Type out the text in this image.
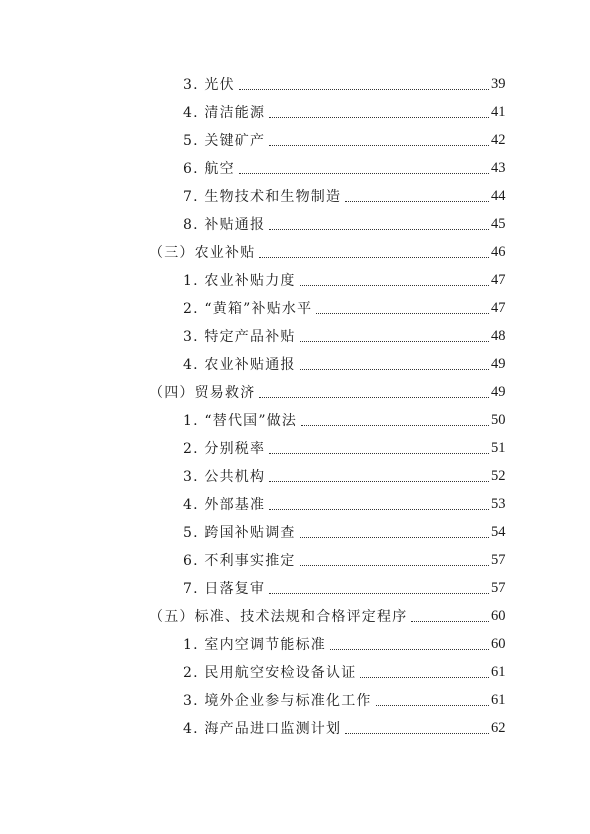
3. 光伏	39
4. 清洁能源	41
5. 关键矿产	42
6. 航空	43
7. 生物技术和生物制造	44
8. 补贴通报	45
（三）农业补贴	46
1. 农业补贴力度	47
2. “黄箱”补贴水平	47
3. 特定产品补贴	48
4. 农业补贴通报	49
（四）贸易救济	49
1. “替代国”做法	50
2. 分别税率	51
3. 公共机构	52
4. 外部基准	53
5. 跨国补贴调查	54
6. 不利事实推定	57
7. 日落复审	57
（五）标准、技术法规和合格评定程序	60
1. 室内空调节能标准	60
2. 民用航空安检设备认证	61
3. 境外企业参与标准化工作	61
4. 海产品进口监测计划	62
